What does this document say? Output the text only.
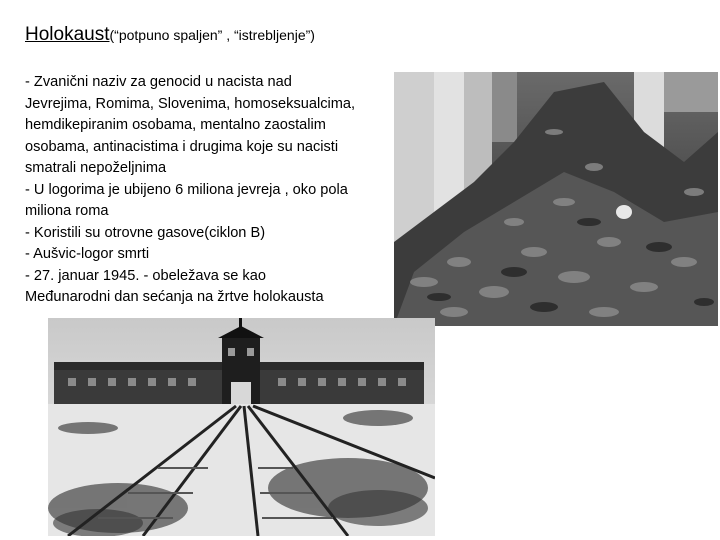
Holokaust(“potpuno spaljen” , “istrebljenje”)

- Zvanični naziv za genocid u nacista nad

Jevrejima, Romima, Slovenima, homoseksualcima,

hemdikepiranim osobama, mentalno zaostalim

osobama, antinacistima i drugima koje su nacisti

smatrali nepoželjnima

- U logorima je ubijeno 6 miliona jevreja , oko pola

miliona roma

- Koristili su otrovne gasove(ciklon B)

- Aušvic-logor smrti

- 27. januar 1945. - obeležava se kao

Međunarodni dan sećanja na žrtve holokausta
